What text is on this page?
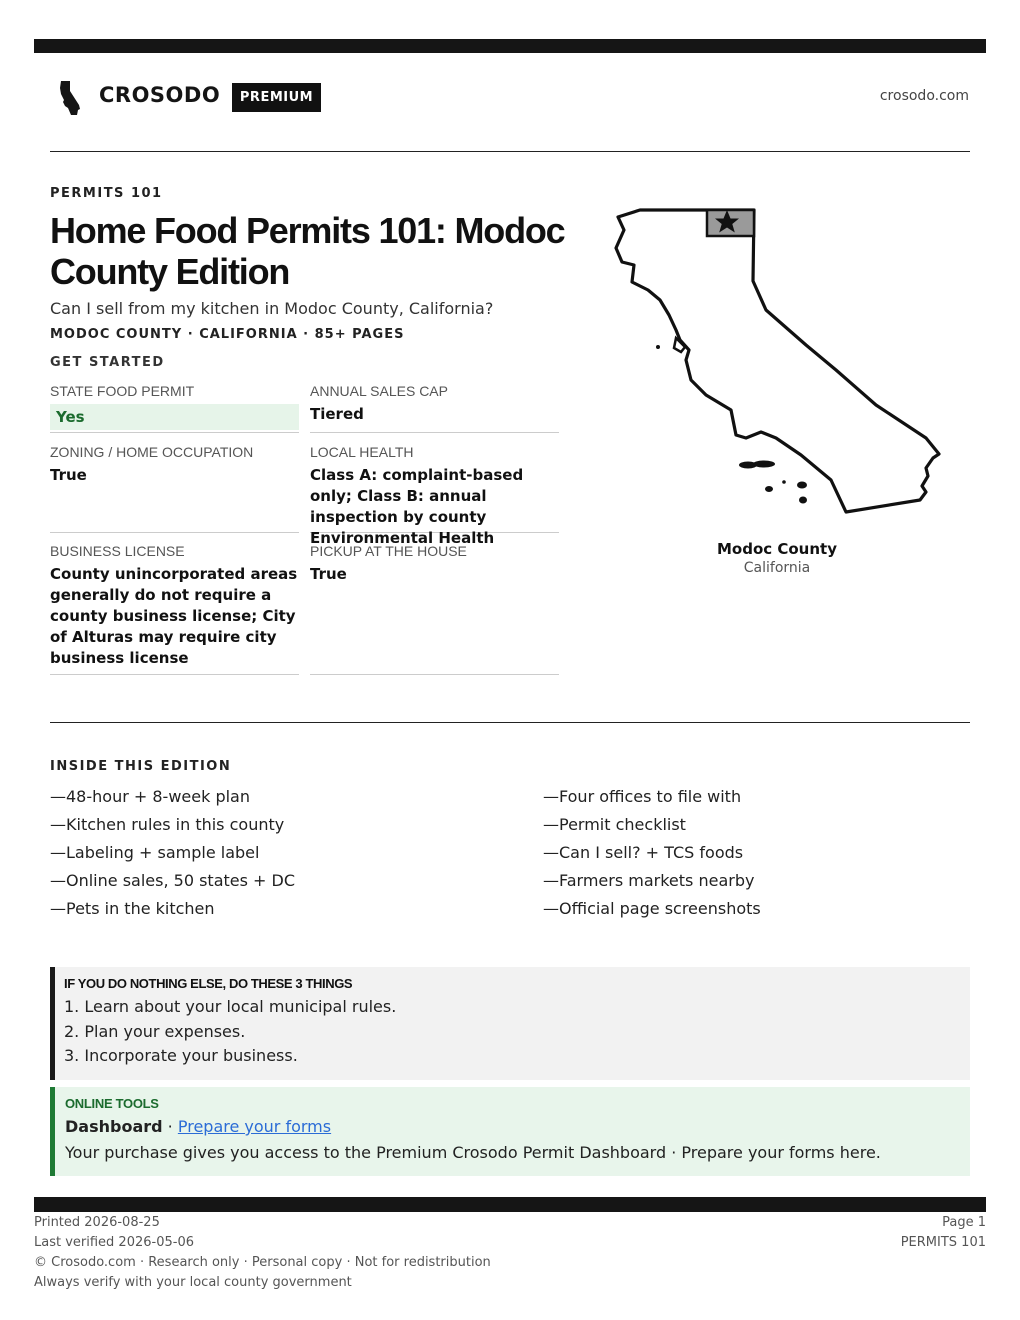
CROSODO	PREMIUM	crosodo.com
PERMITS 101
Home Food Permits 101: Modoc County Edition
Can I sell from my kitchen in Modoc County, California?
MODOC COUNTY · CALIFORNIA · 85+ PAGES
GET STARTED
STATE FOOD PERMIT
Yes
ANNUAL SALES CAP
Tiered
ZONING / HOME OCCUPATION
True
LOCAL HEALTH
Class A: complaint-based only; Class B: annual inspection by county Environmental Health
BUSINESS LICENSE
County unincorporated areas generally do not require a county business license; City of Alturas may require city business license
PICKUP AT THE HOUSE
True
Modoc County
California
INSIDE THIS EDITION
—48-hour + 8-week plan
—Kitchen rules in this county
—Labeling + sample label
—Online sales, 50 states + DC
—Pets in the kitchen
—Four offices to file with
—Permit checklist
—Can I sell? + TCS foods
—Farmers markets nearby
—Official page screenshots
IF YOU DO NOTHING ELSE, DO THESE 3 THINGS
1. Learn about your local municipal rules.
2. Plan your expenses.
3. Incorporate your business.
ONLINE TOOLS
Dashboard · Prepare your forms
Your purchase gives you access to the Premium Crosodo Permit Dashboard · Prepare your forms here.
Printed 2026-08-25
Last verified 2026-05-06
© Crosodo.com · Research only · Personal copy · Not for redistribution
Always verify with your local county government
Page 1
PERMITS 101
